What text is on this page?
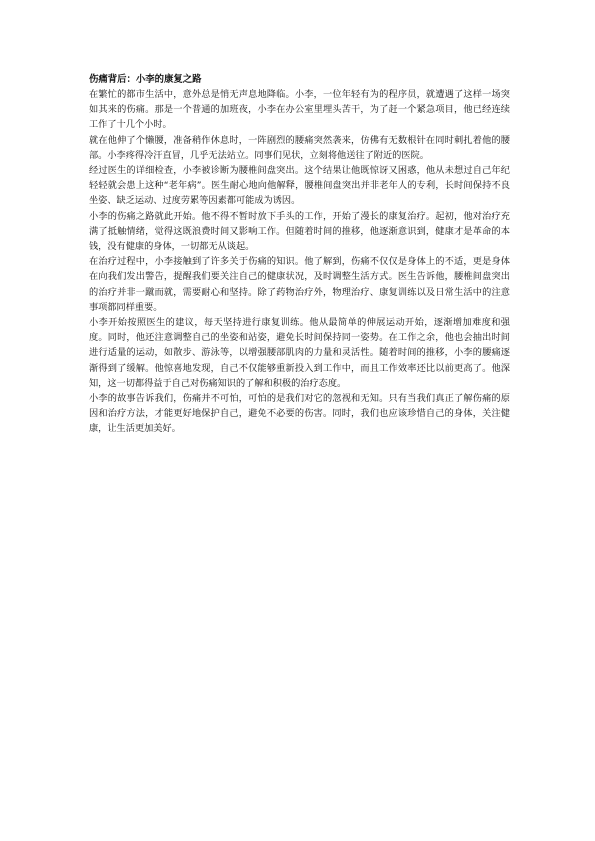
伤痛背后：小李的康复之路

在繁忙的都市生活中，意外总是悄无声息地降临。小李，一位年轻有为的程序员，就遭遇了这样一场突如其来的伤痛。那是一个普通的加班夜，小李在办公室里埋头苦干，为了赶一个紧急项目，他已经连续工作了十几个小时。

就在他伸了个懒腰，准备稍作休息时，一阵剧烈的腰痛突然袭来，仿佛有无数根针在同时刺扎着他的腰部。小李疼得冷汗直冒，几乎无法站立。同事们见状，立刻将他送往了附近的医院。

经过医生的详细检查，小李被诊断为腰椎间盘突出。这个结果让他既惊讶又困惑，他从未想过自己年纪轻轻就会患上这种“老年病”。医生耐心地向他解释，腰椎间盘突出并非老年人的专利，长时间保持不良坐姿、缺乏运动、过度劳累等因素都可能成为诱因。

小李的伤痛之路就此开始。他不得不暂时放下手头的工作，开始了漫长的康复治疗。起初，他对治疗充满了抵触情绪，觉得这既浪费时间又影响工作。但随着时间的推移，他逐渐意识到，健康才是革命的本钱，没有健康的身体，一切都无从谈起。

在治疗过程中，小李接触到了许多关于伤痛的知识。他了解到，伤痛不仅仅是身体上的不适，更是身体在向我们发出警告，提醒我们要关注自己的健康状况，及时调整生活方式。医生告诉他，腰椎间盘突出的治疗并非一蹴而就，需要耐心和坚持。除了药物治疗外，物理治疗、康复训练以及日常生活中的注意事项都同样重要。

小李开始按照医生的建议，每天坚持进行康复训练。他从最简单的伸展运动开始，逐渐增加难度和强度。同时，他还注意调整自己的坐姿和站姿，避免长时间保持同一姿势。在工作之余，他也会抽出时间进行适量的运动，如散步、游泳等，以增强腰部肌肉的力量和灵活性。随着时间的推移，小李的腰痛逐渐得到了缓解。他惊喜地发现，自己不仅能够重新投入到工作中，而且工作效率还比以前更高了。他深知，这一切都得益于自己对伤痛知识的了解和积极的治疗态度。

小李的故事告诉我们，伤痛并不可怕，可怕的是我们对它的忽视和无知。只有当我们真正了解伤痛的原因和治疗方法，才能更好地保护自己，避免不必要的伤害。同时，我们也应该珍惜自己的身体，关注健康，让生活更加美好。
